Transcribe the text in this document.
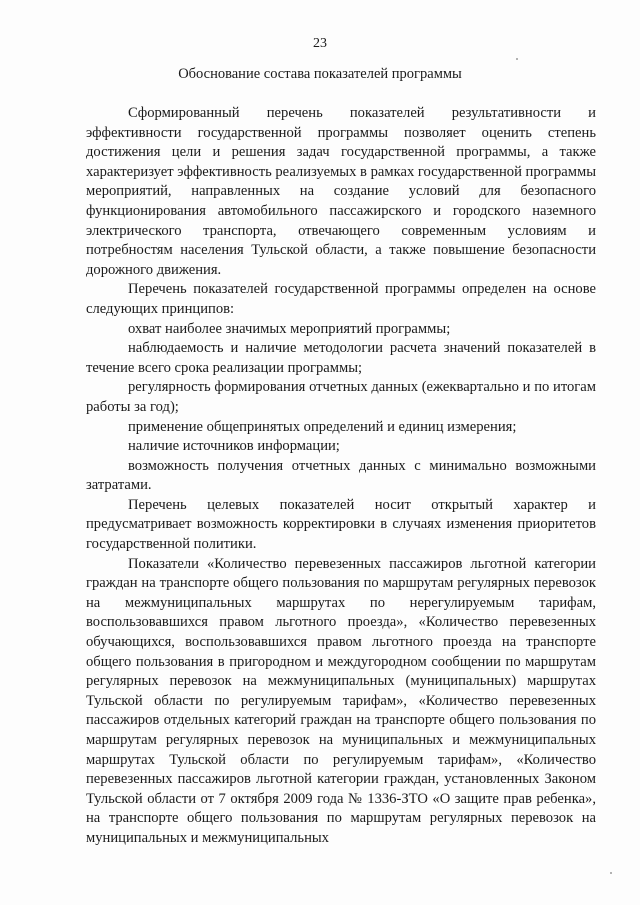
23
Обоснование состава показателей программы

Сформированный перечень показателей результативности и эффективности государственной программы позволяет оценить степень достижения цели и решения задач государственной программы, а также характеризует эффективность реализуемых в рамках государственной программы мероприятий, направленных на создание условий для безопасного функционирования автомобильного пассажирского и городского наземного электрического транспорта, отвечающего современным условиям и потребностям населения Тульской области, а также повышение безопасности дорожного движения.

Перечень показателей государственной программы определен на основе следующих принципов:

охват наиболее значимых мероприятий программы;

наблюдаемость и наличие методологии расчета значений показателей в течение всего срока реализации программы;

регулярность формирования отчетных данных (ежеквартально и по итогам работы за год);

применение общепринятых определений и единиц измерения;

наличие источников информации;

возможность получения отчетных данных с минимально возможными затратами.

Перечень целевых показателей носит открытый характер и предусматривает возможность корректировки в случаях изменения приоритетов государственной политики.

Показатели «Количество перевезенных пассажиров льготной категории граждан на транспорте общего пользования по маршрутам регулярных перевозок на межмуниципальных маршрутах по нерегулируемым тарифам, воспользовавшихся правом льготного проезда», «Количество перевезенных обучающихся, воспользовавшихся правом льготного проезда на транспорте общего пользования в пригородном и междугородном сообщении по маршрутам регулярных перевозок на межмуниципальных (муниципальных) маршрутах Тульской области по регулируемым тарифам», «Количество перевезенных пассажиров отдельных категорий граждан на транспорте общего пользования по маршрутам регулярных перевозок на муниципальных и межмуниципальных маршрутах Тульской области по регулируемым тарифам», «Количество перевезенных пассажиров льготной категории граждан, установленных Законом Тульской области от 7 октября 2009 года № 1336-ЗТО «О защите прав ребенка», на транспорте общего пользования по маршрутам регулярных перевозок на муниципальных и межмуниципальных
